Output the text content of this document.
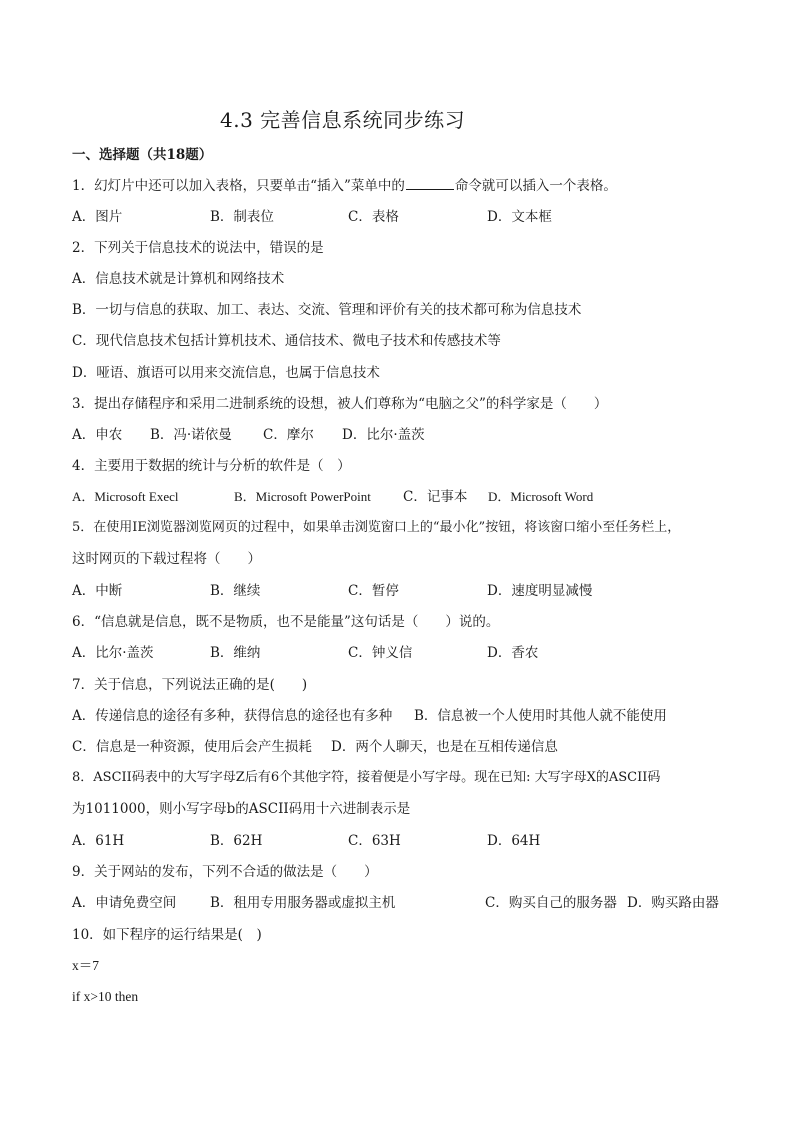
4.3 完善信息系统同步练习
一、选择题（共18题）
1．幻灯片中还可以加入表格，只要单击“插入”菜单中的	命令就可以插入一个表格。
A．图片	B．制表位	C．表格	D．文本框
2．下列关于信息技术的说法中，错误的是
A．信息技术就是计算机和网络技术
B．一切与信息的获取、加工、表达、交流、管理和评价有关的技术都可称为信息技术
C．现代信息技术包括计算机技术、通信技术、微电子技术和传感技术等
D．哑语、旗语可以用来交流信息，也属于信息技术
3．提出存储程序和采用二进制系统的设想，被人们尊称为“电脑之父”的科学家是（　　）
A．申农 B．冯·诺依曼 C．摩尔 D．比尔·盖茨
4．主要用于数据的统计与分析的软件是（　）
A．Microsoft Execl	B．Microsoft PowerPoint C．记事本 D．Microsoft Word
5．在使用IE浏览器浏览网页的过程中，如果单击浏览窗口上的“最小化”按钮，将该窗口缩小至任务栏上，
这时网页的下载过程将（　　）
A．中断	B．继续	C．暂停	D．速度明显减慢
6．“信息就是信息，既不是物质，也不是能量”这句话是（　　）说的。
A．比尔·盖茨	B．维纳	C．钟义信	D．香农
7．关于信息，下列说法正确的是(　　)
A．传递信息的途径有多种，获得信息的途径也有多种 B．信息被一个人使用时其他人就不能使用
C．信息是一种资源，使用后会产生损耗 D．两个人聊天，也是在互相传递信息
8．ASCII码表中的大写字母Z后有6个其他字符，接着便是小写字母。现在已知: 大写字母X的ASCII码
为1011000，则小写字母b的ASCII码用十六进制表示是
A．61H	B．62H	C．63H	D．64H
9．关于网站的发布，下列不合适的做法是（　　）
A．申请免费空间	B．租用专用服务器或虚拟主机	C．购买自己的服务器 D．购买路由器
10．如下程序的运行结果是(　)
x＝7
if x>10 then
